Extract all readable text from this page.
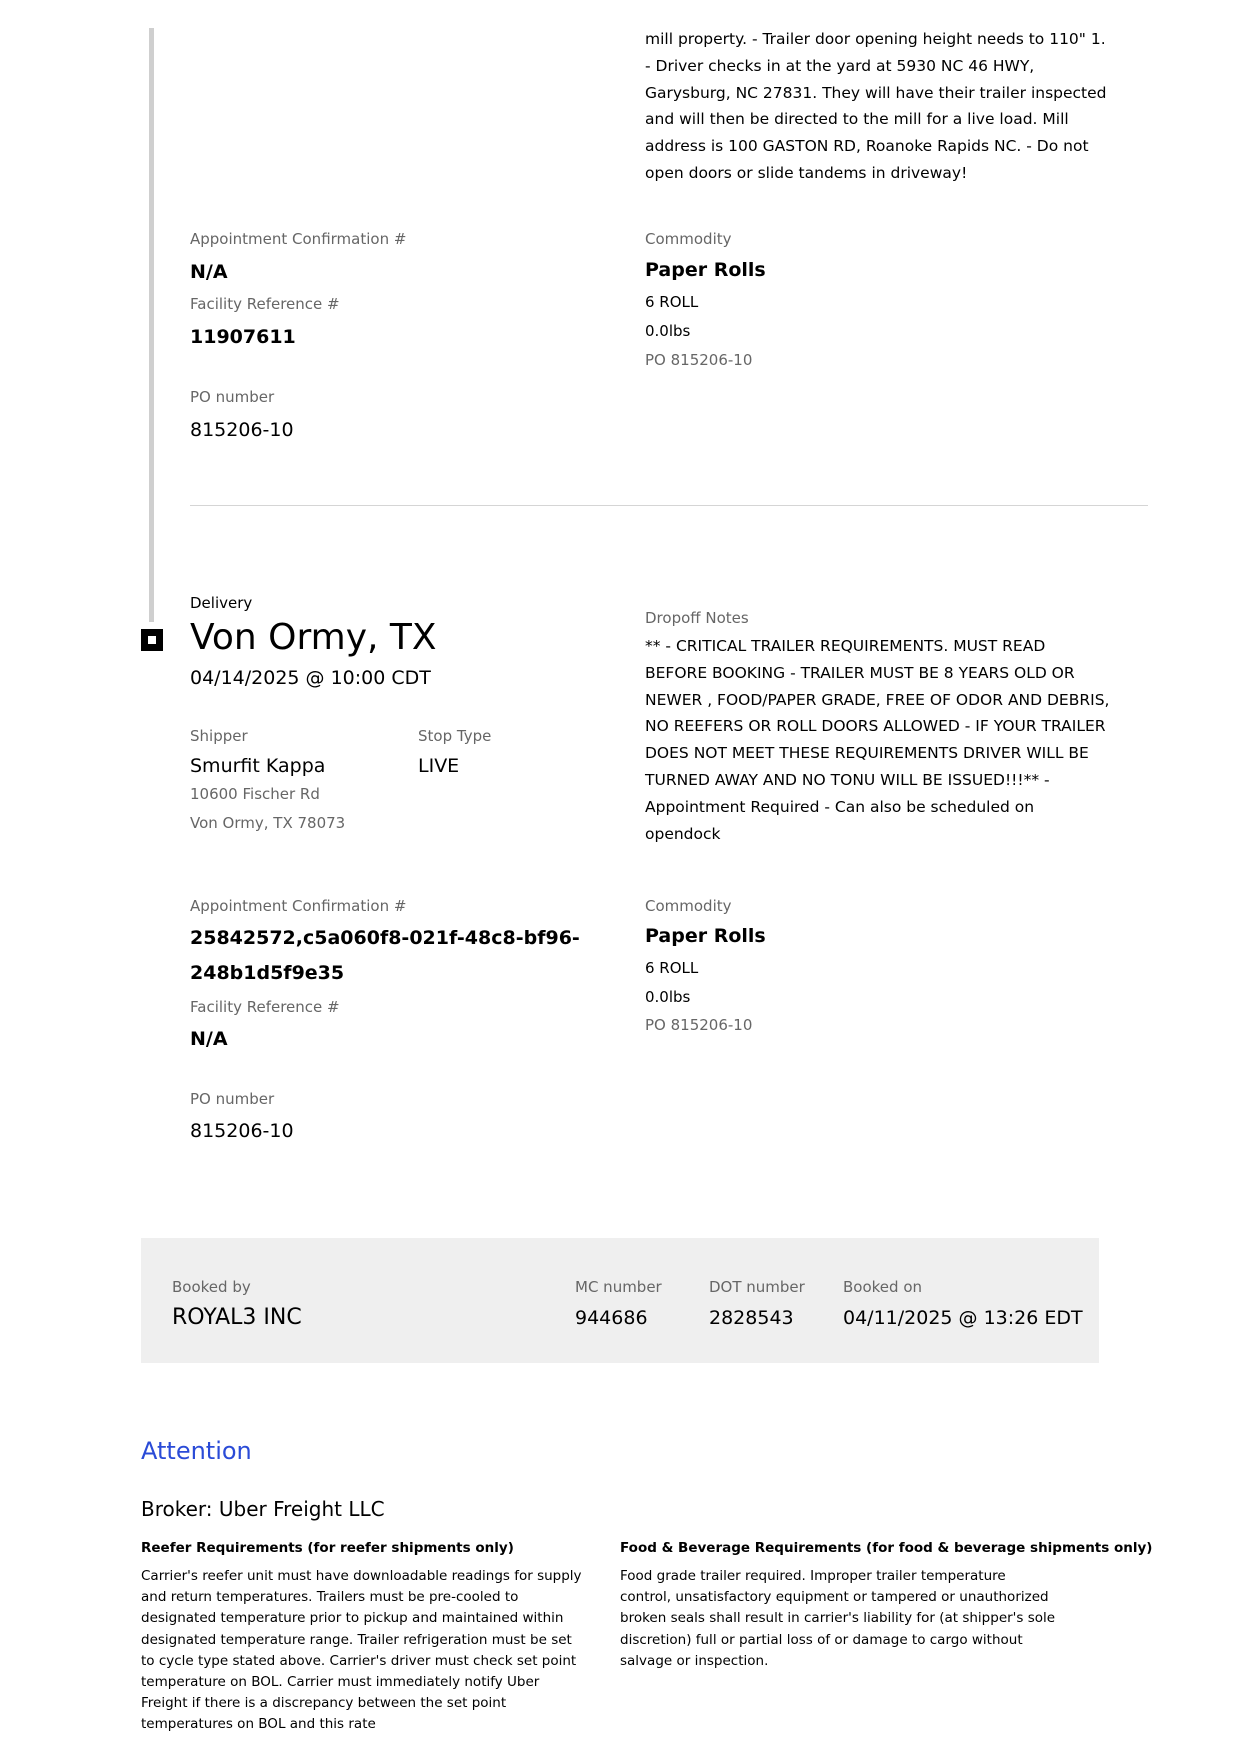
mill property. - Trailer door opening height needs to 110" 1. - Driver checks in at the yard at 5930 NC 46 HWY, Garysburg, NC 27831. They will have their trailer inspected and will then be directed to the mill for a live load. Mill address is 100 GASTON RD, Roanoke Rapids NC. - Do not open doors or slide tandems in driveway!
Appointment Confirmation #
N/A
Facility Reference #
11907611
PO number
815206-10
Commodity
Paper Rolls
6 ROLL
0.0lbs
PO 815206-10
Delivery
Von Ormy, TX
04/14/2025 @ 10:00 CDT
Shipper
Smurfit Kappa
10600 Fischer Rd
Von Ormy, TX 78073
Stop Type
LIVE
Dropoff Notes
** - CRITICAL TRAILER REQUIREMENTS. MUST READ BEFORE BOOKING - TRAILER MUST BE 8 YEARS OLD OR NEWER , FOOD/PAPER GRADE, FREE OF ODOR AND DEBRIS, NO REEFERS OR ROLL DOORS ALLOWED - IF YOUR TRAILER DOES NOT MEET THESE REQUIREMENTS DRIVER WILL BE TURNED AWAY AND NO TONU WILL BE ISSUED!!!** - Appointment Required - Can also be scheduled on opendock
Appointment Confirmation #
25842572,c5a060f8-021f-48c8-bf96-
248b1d5f9e35
Facility Reference #
N/A
PO number
815206-10
Commodity
Paper Rolls
6 ROLL
0.0lbs
PO 815206-10
Booked by
ROYAL3 INC
MC number
944686
DOT number
2828543
Booked on
04/11/2025 @ 13:26 EDT
Attention
Broker: Uber Freight LLC
Reefer Requirements (for reefer shipments only)
Carrier's reefer unit must have downloadable readings for supply and return temperatures. Trailers must be pre-cooled to designated temperature prior to pickup and maintained within designated temperature range. Trailer refrigeration must be set to cycle type stated above. Carrier's driver must check set point temperature on BOL. Carrier must immediately notify Uber Freight if there is a discrepancy between the set point temperatures on BOL and this rate
Food & Beverage Requirements (for food & beverage shipments only)
Food grade trailer required. Improper trailer temperature control, unsatisfactory equipment or tampered or unauthorized broken seals shall result in carrier's liability for (at shipper's sole discretion) full or partial loss of or damage to cargo without salvage or inspection.
